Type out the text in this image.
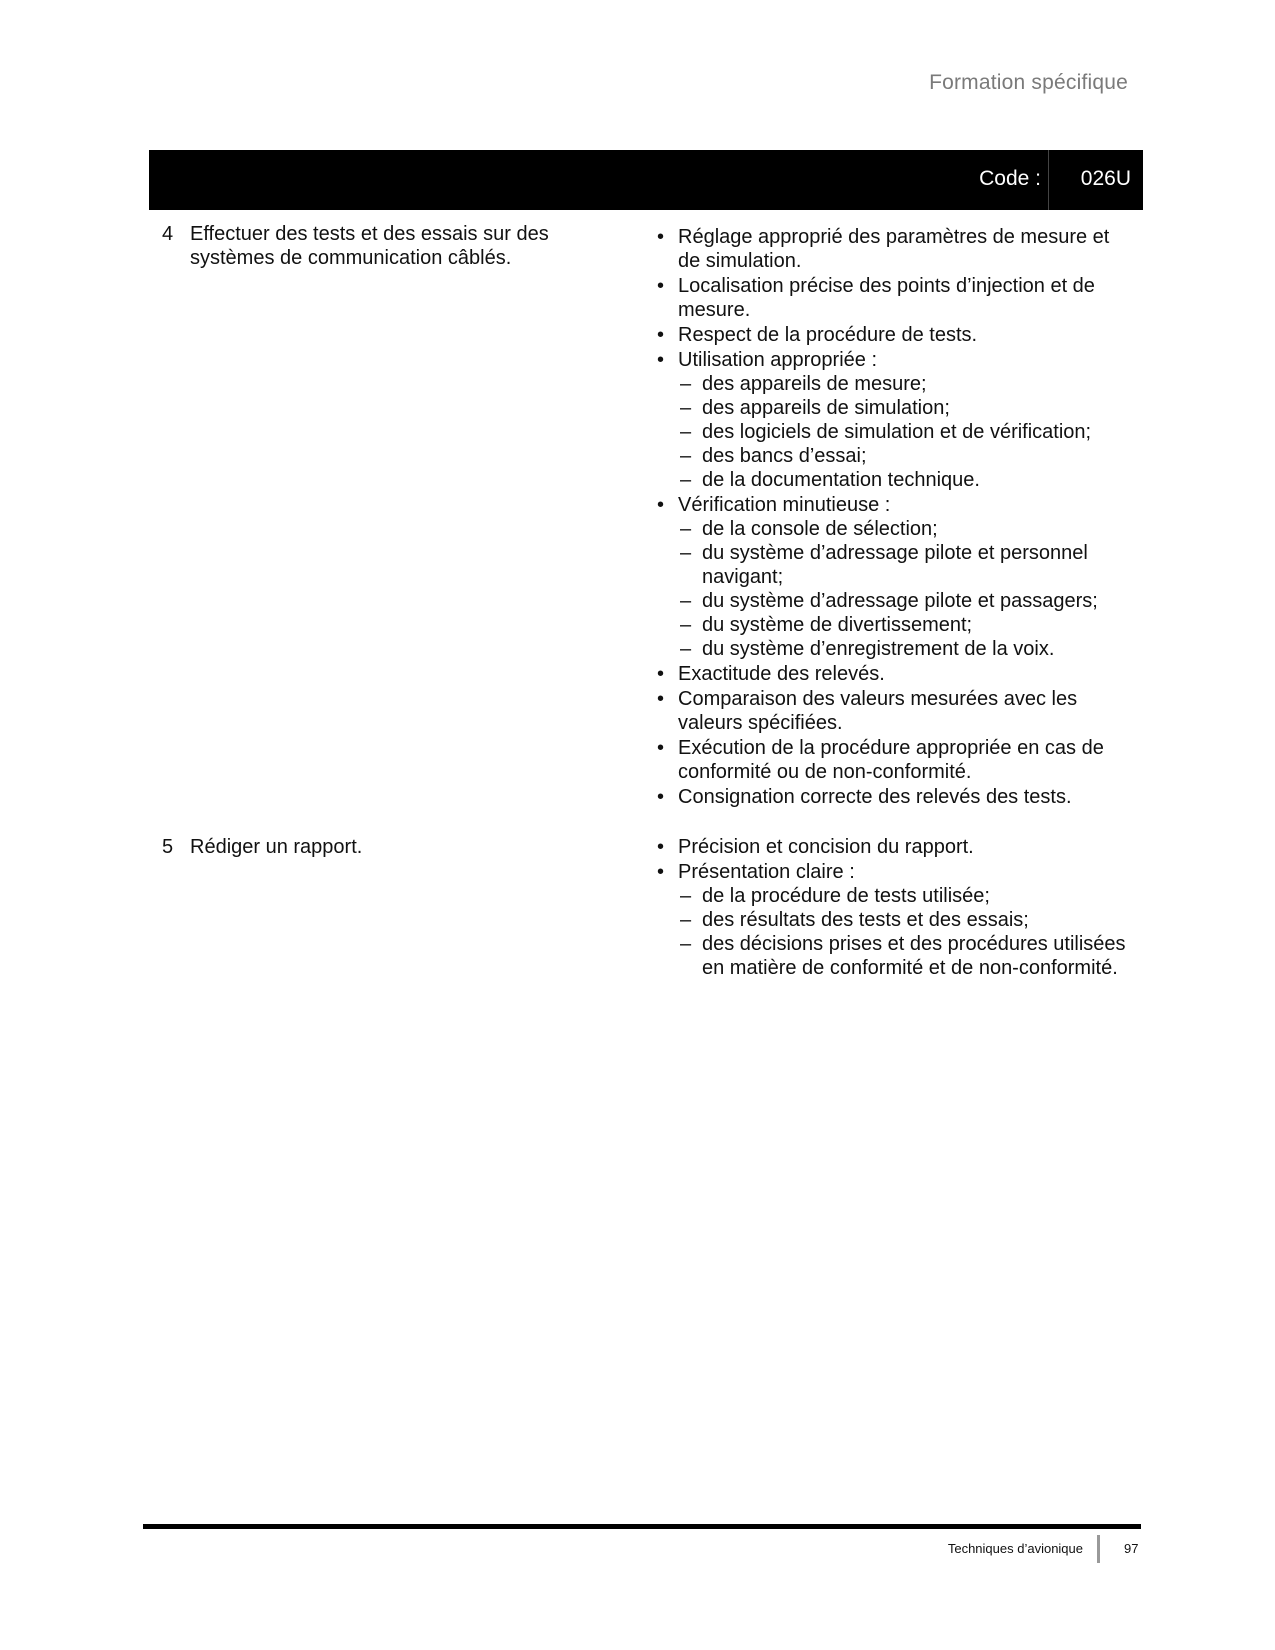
Formation spécifique
Code : 026U
4 Effectuer des tests et des essais sur des systèmes de communication câblés.
• Réglage approprié des paramètres de mesure et de simulation.
• Localisation précise des points d’injection et de mesure.
• Respect de la procédure de tests.
• Utilisation appropriée :
– des appareils de mesure;
– des appareils de simulation;
– des logiciels de simulation et de vérification;
– des bancs d’essai;
– de la documentation technique.
• Vérification minutieuse :
– de la console de sélection;
– du système d’adressage pilote et personnel navigant;
– du système d’adressage pilote et passagers;
– du système de divertissement;
– du système d’enregistrement de la voix.
• Exactitude des relevés.
• Comparaison des valeurs mesurées avec les valeurs spécifiées.
• Exécution de la procédure appropriée en cas de conformité ou de non-conformité.
• Consignation correcte des relevés des tests.
5 Rédiger un rapport.	• Précision et concision du rapport.
• Présentation claire :
– de la procédure de tests utilisée;
– des résultats des tests et des essais;
– des décisions prises et des procédures utilisées en matière de conformité et de non-conformité.
Techniques d’avionique	97
